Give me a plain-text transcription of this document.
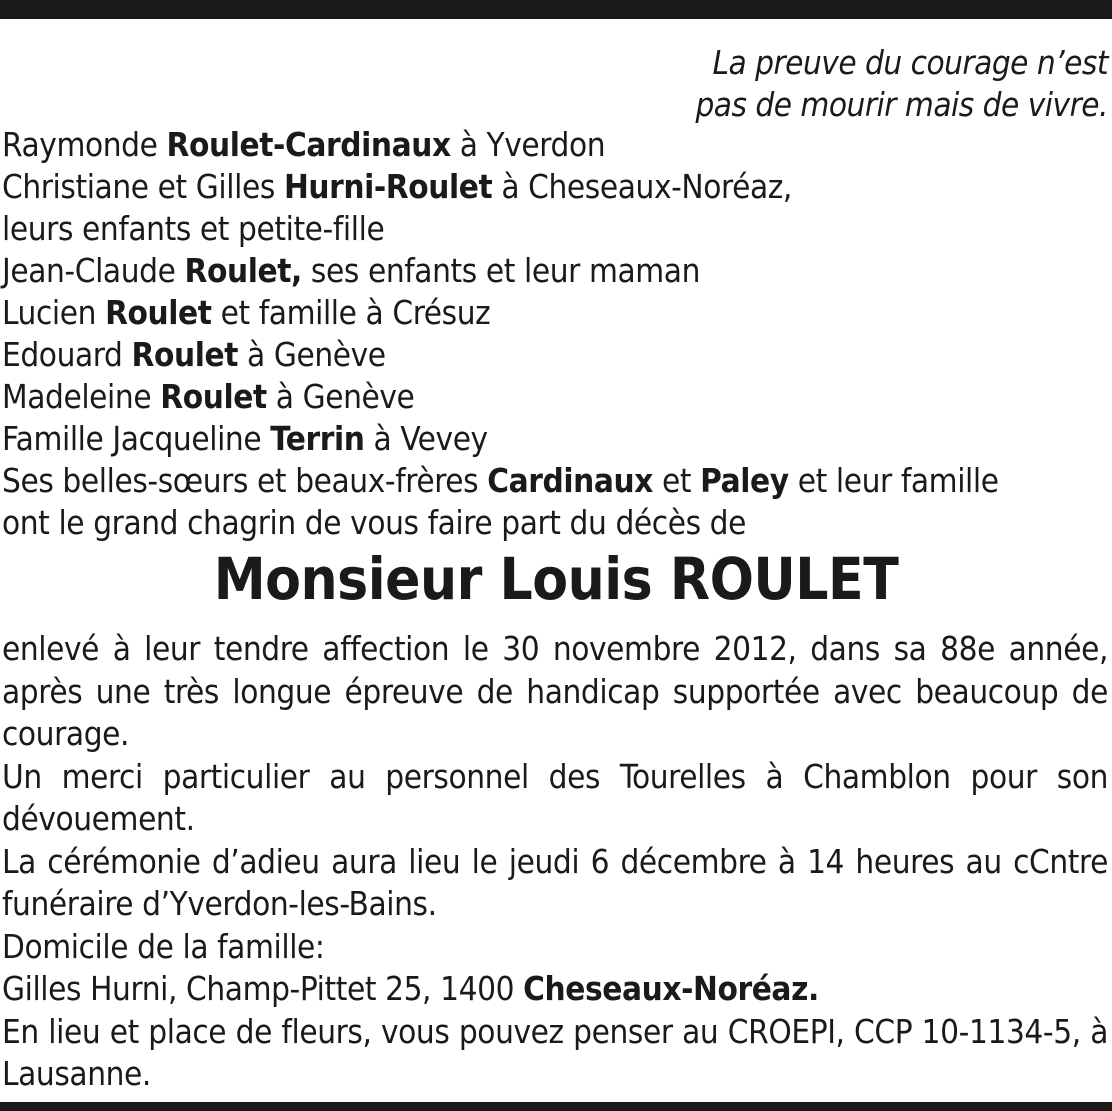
La preuve du courage n’est
pas de mourir mais de vivre.
Raymonde Roulet-Cardinaux à Yverdon
Christiane et Gilles Hurni-Roulet à Cheseaux-Noréaz,
leurs enfants et petite-fille
Jean-Claude Roulet, ses enfants et leur maman
Lucien Roulet et famille à Crésuz
Edouard Roulet à Genève
Madeleine Roulet à Genève
Famille Jacqueline Terrin à Vevey
Ses belles-sœurs et beaux-frères Cardinaux et Paley et leur famille
ont le grand chagrin de vous faire part du décès de
Monsieur Louis ROULET
enlevé à leur tendre affection le 30 novembre 2012, dans sa 88e année, après une très longue épreuve de handicap supportée avec beaucoup de courage.
Un merci particulier au personnel des Tourelles à Chamblon pour son dévouement.
La cérémonie d’adieu aura lieu le jeudi 6 décembre à 14 heures au cCntre funéraire d’Yverdon-les-Bains.
Domicile de la famille:
Gilles Hurni, Champ-Pittet 25, 1400 Cheseaux-Noréaz.
En lieu et place de fleurs, vous pouvez penser au CROEPI, CCP 10-1134-5, à Lausanne.
